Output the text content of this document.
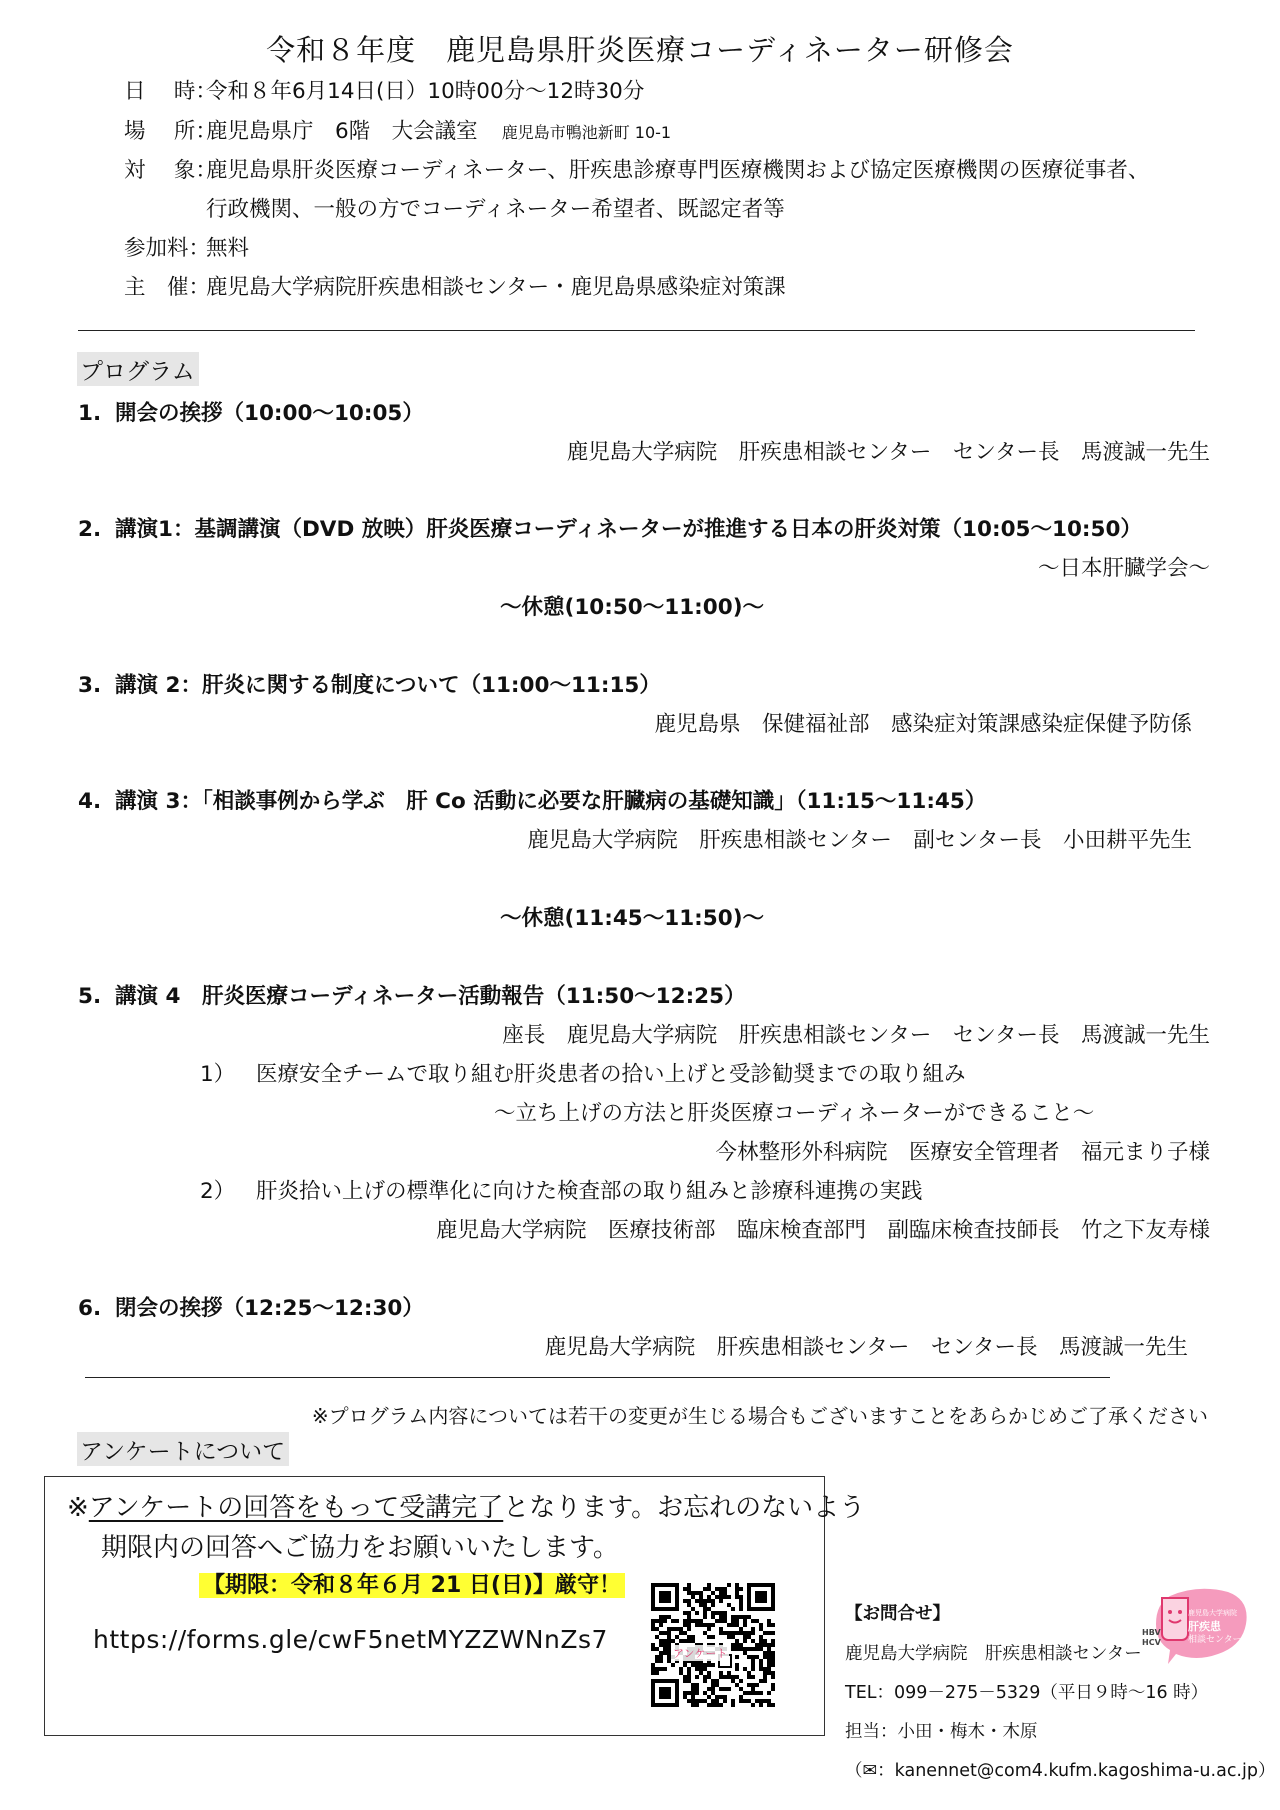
令和８年度　鹿児島県肝炎医療コーディネーター研修会
日　 時：令和８年6月14日(日）10時00分～12時30分
場　 所：鹿児島県庁　6階　大会議室 鹿児島市鴨池新町 10-1
対　 象：鹿児島県肝炎医療コーディネーター、肝疾患診療専門医療機関および協定医療機関の医療従事者、
行政機関、一般の方でコーディネーター希望者、既認定者等
参加料：無料
主　催：鹿児島大学病院肝疾患相談センター・鹿児島県感染症対策課
プログラム
1. 開会の挨拶（10:00～10:05）
鹿児島大学病院　肝疾患相談センター　センター長　馬渡誠一先生
2. 講演1：基調講演（DVD 放映）肝炎医療コーディネーターが推進する日本の肝炎対策（10:05～10:50）
～日本肝臓学会～
～休憩(10:50～11:00)～
3. 講演 2：肝炎に関する制度について（11:00～11:15）
鹿児島県　保健福祉部　感染症対策課感染症保健予防係
4. 講演 3：「相談事例から学ぶ　肝 Co 活動に必要な肝臓病の基礎知識」（11:15～11:45）
鹿児島大学病院　肝疾患相談センター　副センター長　小田耕平先生
～休憩(11:45～11:50)～
5. 講演 4　肝炎医療コーディネーター活動報告（11:50～12:25）
座長　鹿児島大学病院　肝疾患相談センター　センター長　馬渡誠一先生
1） 医療安全チームで取り組む肝炎患者の拾い上げと受診勧奨までの取り組み
～立ち上げの方法と肝炎医療コーディネーターができること～
今林整形外科病院　医療安全管理者　福元まり子様
2） 肝炎拾い上げの標準化に向けた検査部の取り組みと診療科連携の実践
鹿児島大学病院　医療技術部　臨床検査部門　副臨床検査技師長　竹之下友寿様
6. 閉会の挨拶（12:25～12:30）
鹿児島大学病院　肝疾患相談センター　センター長　馬渡誠一先生
※プログラム内容については若干の変更が生じる場合もございますことをあらかじめご了承ください
アンケートについて
※アンケートの回答をもって受講完了となります。お忘れのないよう
期限内の回答へご協力をお願いいたします。
【期限：令和８年６月 21 日(日)】厳守！
https://forms.gle/cwF5netMYZZWNnZs7	アンケート
【お問合せ】
鹿児島大学病院　肝疾患相談センター
TEL：099－275－5329（平日９時～16 時）
担当：小田・梅木・木原
（✉：kanennet@com4.kufm.kagoshima-u.ac.jp）
HBV
HCV
鹿児島大学病院
肝疾患
相談センター
